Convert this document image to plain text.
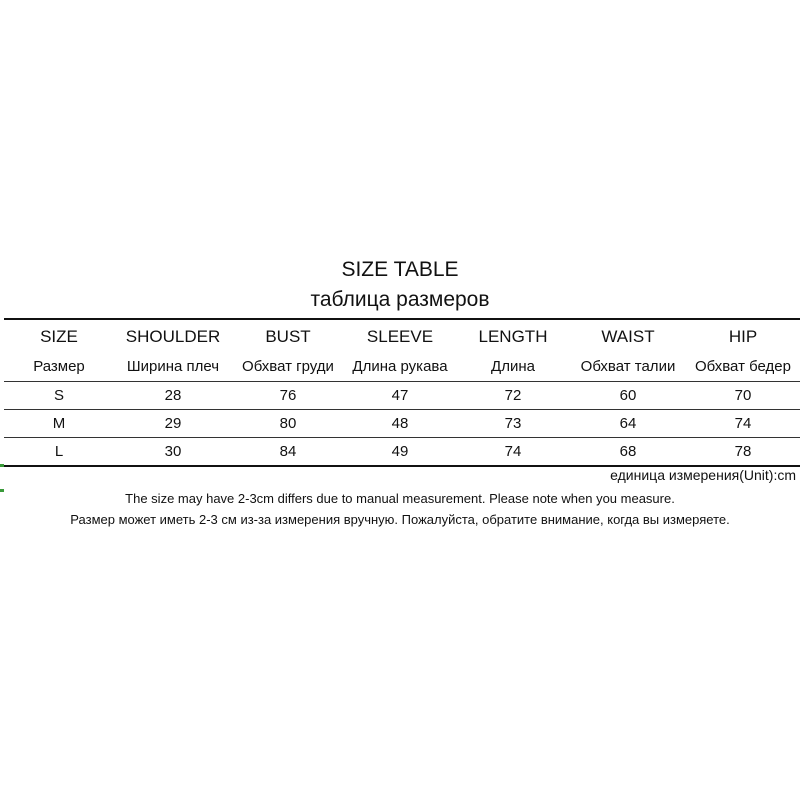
SIZE TABLE
таблица размеров
SIZE	SHOULDER	BUST	SLEEVE	LENGTH	WAIST	HIP
Размер	Ширина плеч	Обхват груди	Длина рукава	Длина	Обхват талии	Обхват бедер
S	28	76	47	72	60	70
M	29	80	48	73	64	74
L	30	84	49	74	68	78
единица измерения(Unit):cm
The size may have 2-3cm differs due to manual measurement. Please note when you measure.
Размер может иметь 2-3 см из-за измерения вручную. Пожалуйста, обратите внимание, когда вы измеряете.
